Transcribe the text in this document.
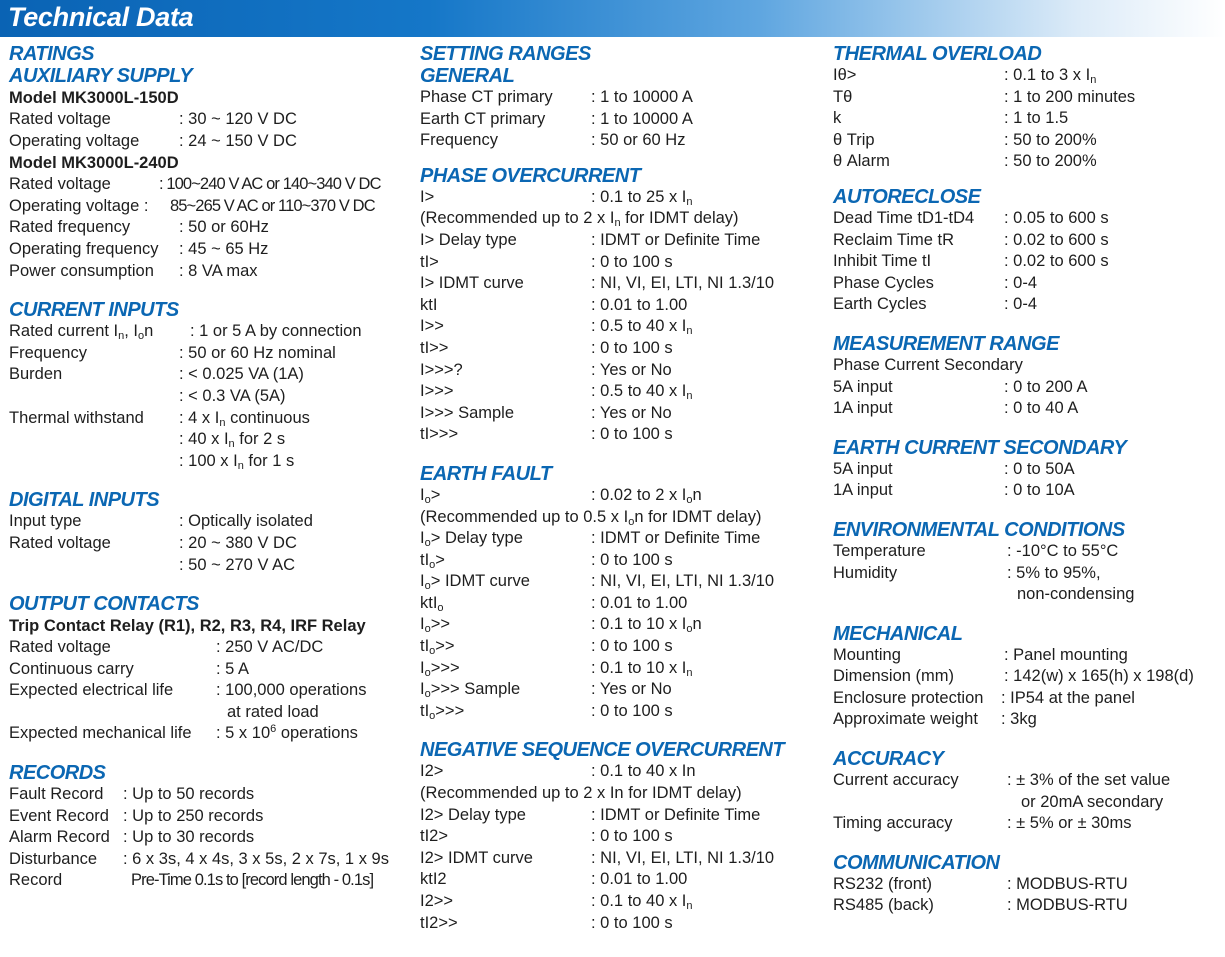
Technical Data
RATINGS
AUXILIARY SUPPLY
Model MK3000L-150D
Rated voltage	: 30 ~ 120 V DC
Operating voltage : 24 ~ 150 V DC
Model MK3000L-240D
Rated voltage	: 100~240 V AC or 140~340 V DC
Operating voltage : 85~265 V AC or 110~370 V DC
Rated frequency	: 50 or 60Hz
Operating frequency : 45 ~ 65 Hz
Power consumption : 8 VA max
CURRENT INPUTS
Rated current $I_n$, $I_on$ : 1 or 5 A by connection
Frequency	: 50 or 60 Hz nominal
Burden	: < 0.025 VA (1A)
: < 0.3 VA (5A)
Thermal withstand : 4 x $I_n$ continuous
: 40 x $I_n$ for 2 s
: 100 x $I_n$ for 1 s
DIGITAL INPUTS
Input type	: Optically isolated
Rated voltage	: 20 ~ 380 V DC
: 50 ~ 270 V AC
OUTPUT CONTACTS
Trip Contact Relay (R1), R2, R3, R4, IRF Relay
Rated voltage	: 250 V AC/DC
Continuous carry	: 5 A
Expected electrical life	: 100,000 operations
at rated load
Expected mechanical life : 5 x $10^6$ operations
RECORDS
Fault Record : Up to 50 records
Event Record : Up to 250 records
Alarm Record : Up to 30 records
Disturbance : 6 x 3s, 4 x 4s, 3 x 5s, 2 x 7s, 1 x 9s
Record	Pre-Time 0.1s to [record length - 0.1s]
SETTING RANGES
GENERAL
Phase CT primary : 1 to 10000 A
Earth CT primary	: 1 to 10000 A
Frequency	: 50 or 60 Hz
PHASE OVERCURRENT
I>	: 0.1 to 25 x $I_n$
(Recommended up to 2 x $I_n$ for IDMT delay)
I> Delay type	: IDMT or Definite Time
tI>	: 0 to 100 s
I> IDMT curve	: NI, VI, EI, LTI, NI 1.3/10
ktI	: 0.01 to 1.00
I>>	: 0.5 to 40 x $I_n$
tI>>	: 0 to 100 s
I>>>?	: Yes or No
I>>>	: 0.5 to 40 x $I_n$
I>>> Sample	: Yes or No
tI>>>	: 0 to 100 s
EARTH FAULT
$I_o>$	: 0.02 to 2 x $I_on$
(Recommended up to 0.5 x $I_on$ for IDMT delay)
$I_o>$ Delay type	: IDMT or Definite Time
$tI_o>$	: 0 to 100 s
$I_o>$ IDMT curve	: NI, VI, EI, LTI, NI 1.3/10
ktI$_o$	: 0.01 to 1.00
$I_o>>$	: 0.1 to 10 x $I_on$
$tI_o>>$	: 0 to 100 s
$I_o>>>$	: 0.1 to 10 x $I_n$
$I_o>>>$ Sample	: Yes or No
$tI_o>>>$	: 0 to 100 s
NEGATIVE SEQUENCE OVERCURRENT
I2>	: 0.1 to 40 x In
(Recommended up to 2 x In for IDMT delay)
I2> Delay type	: IDMT or Definite Time
tI2>	: 0 to 100 s
I2> IDMT curve	: NI, VI, EI, LTI, NI 1.3/10
ktI2	: 0.01 to 1.00
I2>>	: 0.1 to 40 x $I_n$
tI2>>	: 0 to 100 s
THERMAL OVERLOAD
Iθ>	: 0.1 to 3 x $I_n$
Tθ	: 1 to 200 minutes
k	: 1 to 1.5
θ Trip	: 50 to 200%
θ Alarm	: 50 to 200%
AUTORECLOSE
Dead Time tD1-tD4 : 0.05 to 600 s
Reclaim Time tR	: 0.02 to 600 s
Inhibit Time tI	: 0.02 to 600 s
Phase Cycles	: 0-4
Earth Cycles	: 0-4
MEASUREMENT RANGE
Phase Current Secondary
5A input	: 0 to 200 A
1A input	: 0 to 40 A
EARTH CURRENT SECONDARY
5A input	: 0 to 50A
1A input	: 0 to 10A
ENVIRONMENTAL CONDITIONS
Temperature	: -10°C to 55°C
Humidity	: 5% to 95%,
non-condensing
MECHANICAL
Mounting	: Panel mounting
Dimension (mm)	: 142(w) x 165(h) x 198(d)
Enclosure protection : IP54 at the panel
Approximate weight : 3kg
ACCURACY
Current accuracy	: ± 3% of the set value
or 20mA secondary
Timing accuracy	: ± 5% or ± 30ms
COMMUNICATION
RS232 (front)	: MODBUS-RTU
RS485 (back)	: MODBUS-RTU
